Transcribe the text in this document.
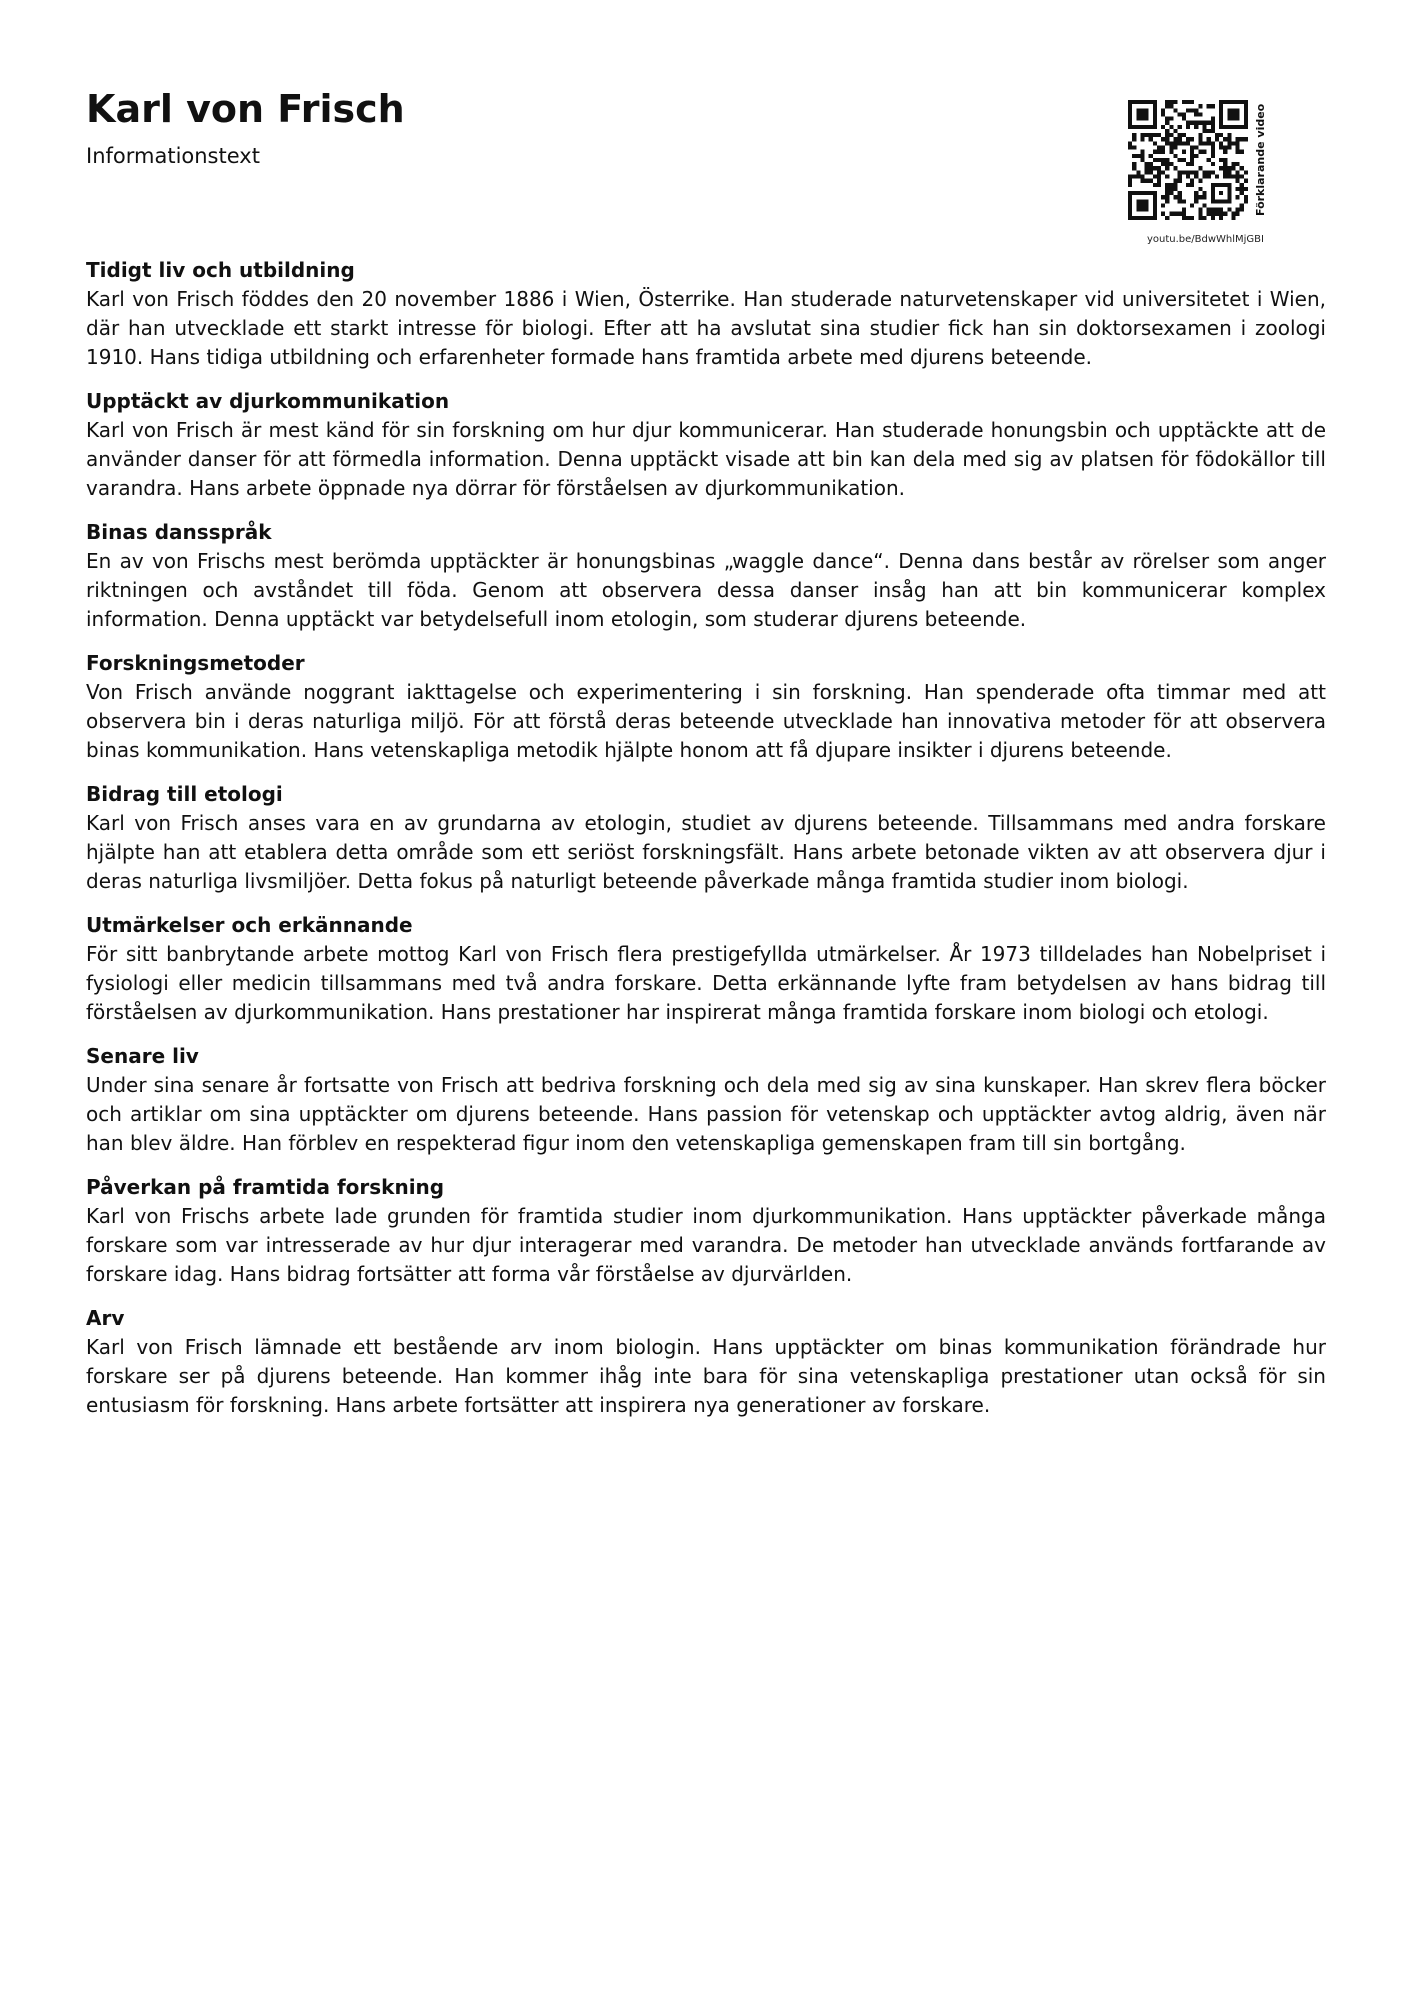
Karl von Frisch
Informationstext	Förklarande video
youtu.be/BdwWhlMjGBI
Tidigt liv och utbildning

Karl von Frisch föddes den 20 november 1886 i Wien, Österrike. Han studerade naturvetenskaper vid universitetet i Wien, där han utvecklade ett starkt intresse för biologi. Efter att ha avslutat sina studier fick han sin doktorsexamen i zoologi 1910. Hans tidiga utbildning och erfarenheter formade hans framtida arbete med djurens beteende.

Upptäckt av djurkommunikation

Karl von Frisch är mest känd för sin forskning om hur djur kommunicerar. Han studerade honungsbin och upptäckte att de använder danser för att förmedla information. Denna upptäckt visade att bin kan dela med sig av platsen för födokällor till varandra. Hans arbete öppnade nya dörrar för förståelsen av djurkommunikation.

Binas dansspråk

En av von Frischs mest berömda upptäckter är honungsbinas „waggle dance“. Denna dans består av rörelser som anger riktningen och avståndet till föda. Genom att observera dessa danser insåg han att bin kommunicerar komplex information. Denna upptäckt var betydelsefull inom etologin, som studerar djurens beteende.

Forskningsmetoder

Von Frisch använde noggrant iakttagelse och experimentering i sin forskning. Han spenderade ofta timmar med att observera bin i deras naturliga miljö. För att förstå deras beteende utvecklade han innovativa metoder för att observera binas kommunikation. Hans vetenskapliga metodik hjälpte honom att få djupare insikter i djurens beteende.

Bidrag till etologi

Karl von Frisch anses vara en av grundarna av etologin, studiet av djurens beteende. Tillsammans med andra forskare hjälpte han att etablera detta område som ett seriöst forskningsfält. Hans arbete betonade vikten av att observera djur i deras naturliga livsmiljöer. Detta fokus på naturligt beteende påverkade många framtida studier inom biologi.

Utmärkelser och erkännande

För sitt banbrytande arbete mottog Karl von Frisch flera prestigefyllda utmärkelser. År 1973 tilldelades han Nobelpriset i fysiologi eller medicin tillsammans med två andra forskare. Detta erkännande lyfte fram betydelsen av hans bidrag till förståelsen av djurkommunikation. Hans prestationer har inspirerat många framtida forskare inom biologi och etologi.

Senare liv

Under sina senare år fortsatte von Frisch att bedriva forskning och dela med sig av sina kunskaper. Han skrev flera böcker och artiklar om sina upptäckter om djurens beteende. Hans passion för vetenskap och upptäckter avtog aldrig, även när han blev äldre. Han förblev en respekterad figur inom den vetenskapliga gemenskapen fram till sin bortgång.

Påverkan på framtida forskning

Karl von Frischs arbete lade grunden för framtida studier inom djurkommunikation. Hans upptäckter påverkade många forskare som var intresserade av hur djur interagerar med varandra. De metoder han utvecklade används fortfarande av forskare idag. Hans bidrag fortsätter att forma vår förståelse av djurvärlden.

Arv

Karl von Frisch lämnade ett bestående arv inom biologin. Hans upptäckter om binas kommunikation förändrade hur forskare ser på djurens beteende. Han kommer ihåg inte bara för sina vetenskapliga prestationer utan också för sin entusiasm för forskning. Hans arbete fortsätter att inspirera nya generationer av forskare.
